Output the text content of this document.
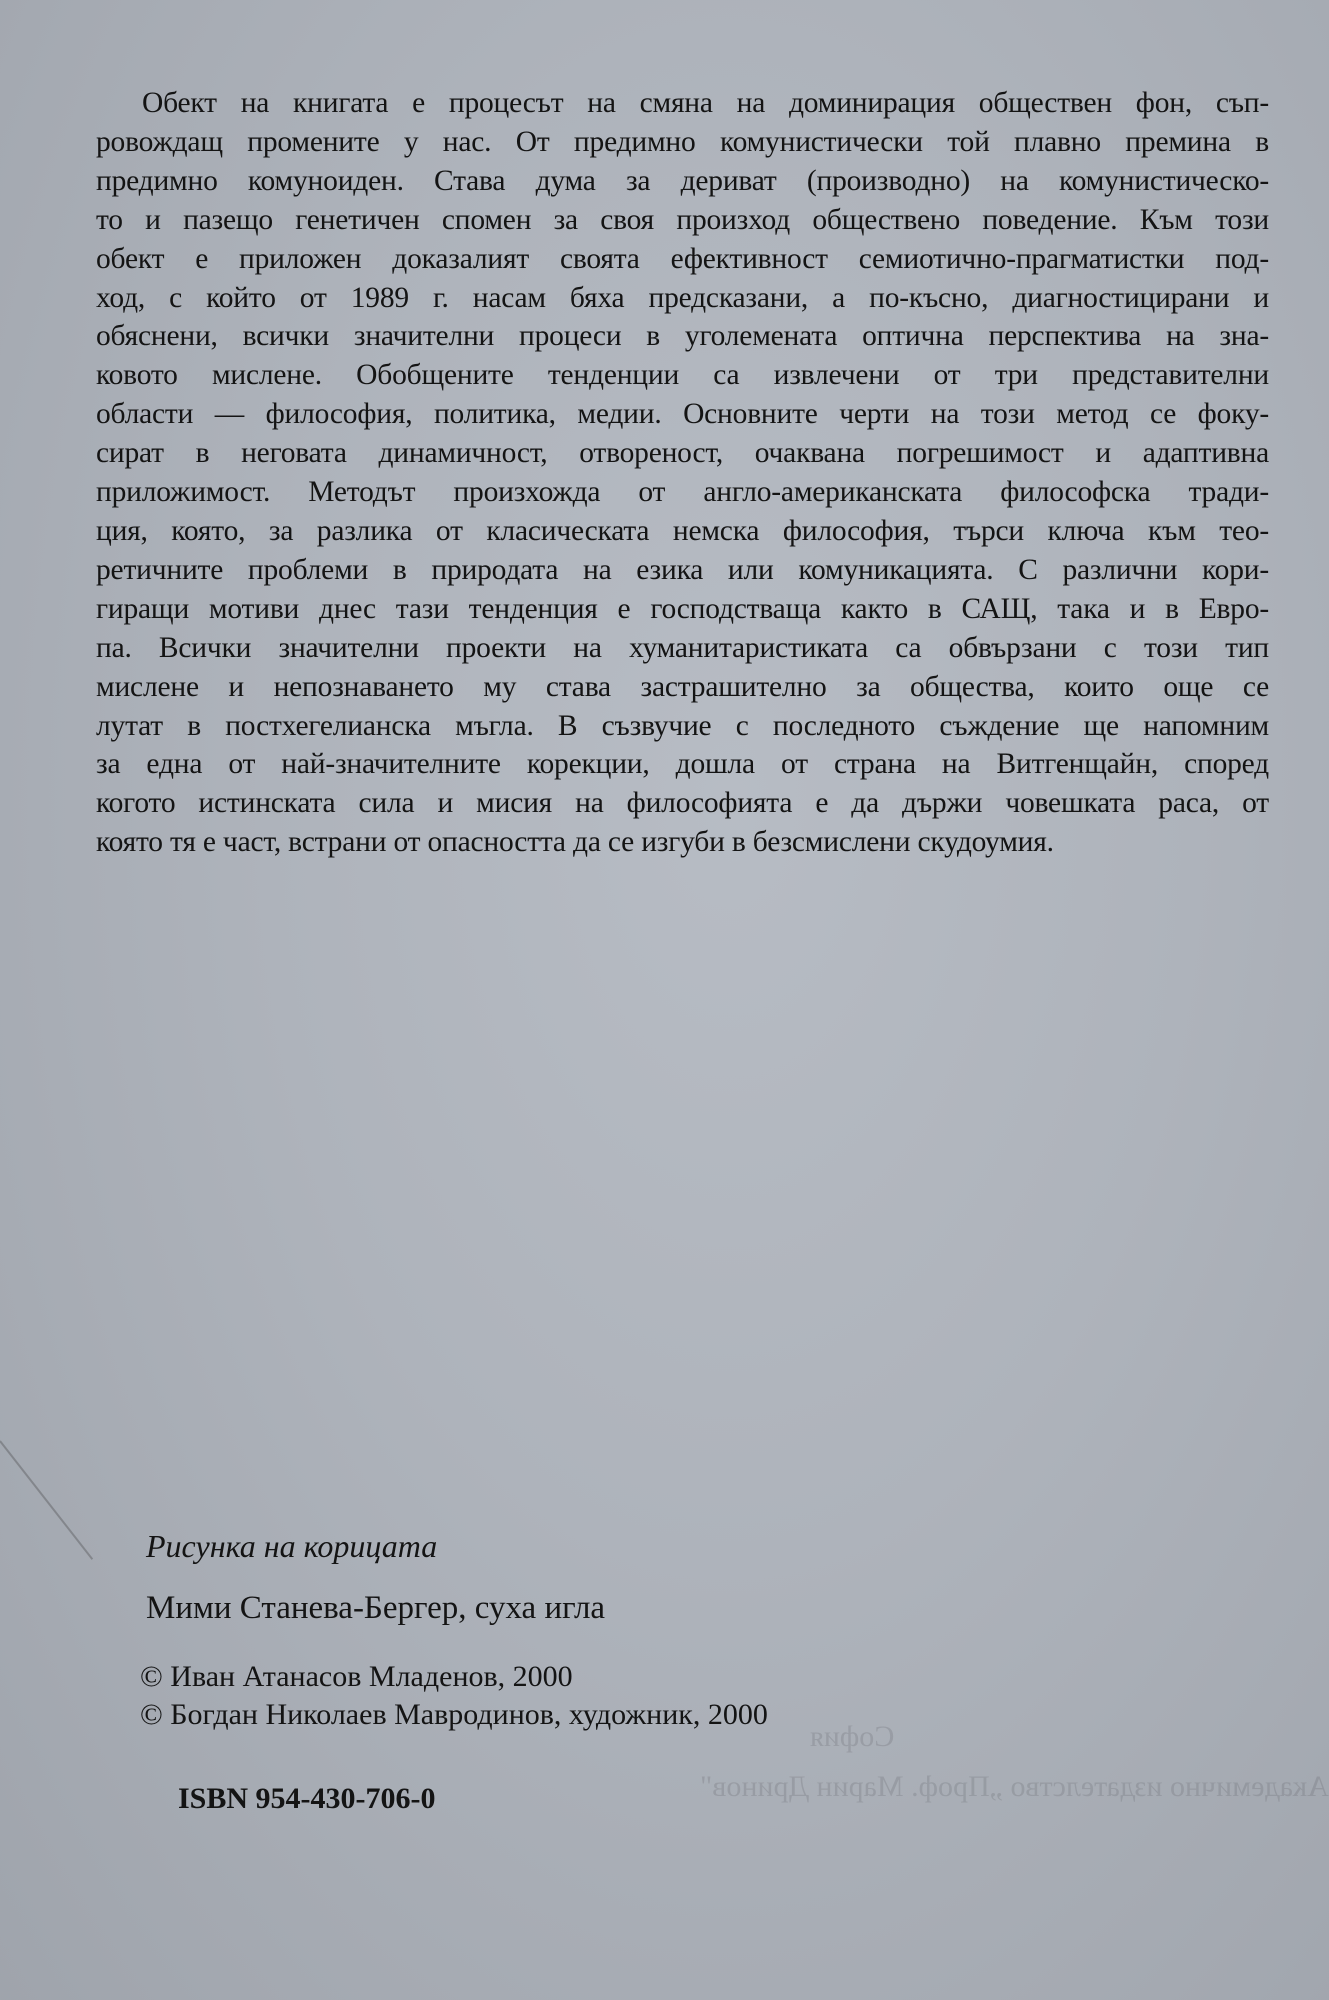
Академично издателство „Проф. Марин Дринов"
София
Обект на книгата е процесът на смяна на доминирация обществен фон, съп-
ровождащ промените у нас. От предимно комунистически той плавно премина в
предимно комуноиден. Става дума за дериват (производно) на комунистическо-
то и пазещо генетичен спомен за своя произход обществено поведение. Към този
обект е приложен доказалият своята ефективност семиотично-прагматистки под-
ход, с който от 1989 г. насам бяха предсказани, а по-късно, диагностицирани и
обяснени, всички значителни процеси в уголемената оптична перспектива на зна-
ковото мислене. Обобщените тенденции са извлечени от три представителни
области — философия, политика, медии. Основните черти на този метод се фоку-
сират в неговата динамичност, отвореност, очаквана погрешимост и адаптивна
приложимост. Методът произхожда от англо-американската философска тради-
ция, която, за разлика от класическата немска философия, търси ключа към тео-
ретичните проблеми в природата на езика или комуникацията. С различни кори-
гиращи мотиви днес тази тенденция е господстваща както в САЩ, така и в Евро-
па. Всички значителни проекти на хуманитаристиката са обвързани с този тип
мислене и непознаването му става застрашително за общества, които още се
лутат в постхегелианска мъгла. В съзвучие с последното съждение ще напомним
за една от най-значителните корекции, дошла от страна на Витгенщайн, според
когото истинската сила и мисия на философията е да държи човешката раса, от
която тя е част, встрани от опасността да се изгуби в безсмислени скудоумия.
Рисунка на корицата
Мими Станева-Бергер, суха игла
© Иван Атанасов Младенов, 2000
© Богдан Николаев Мавродинов, художник, 2000
ISBN 954-430-706-0
